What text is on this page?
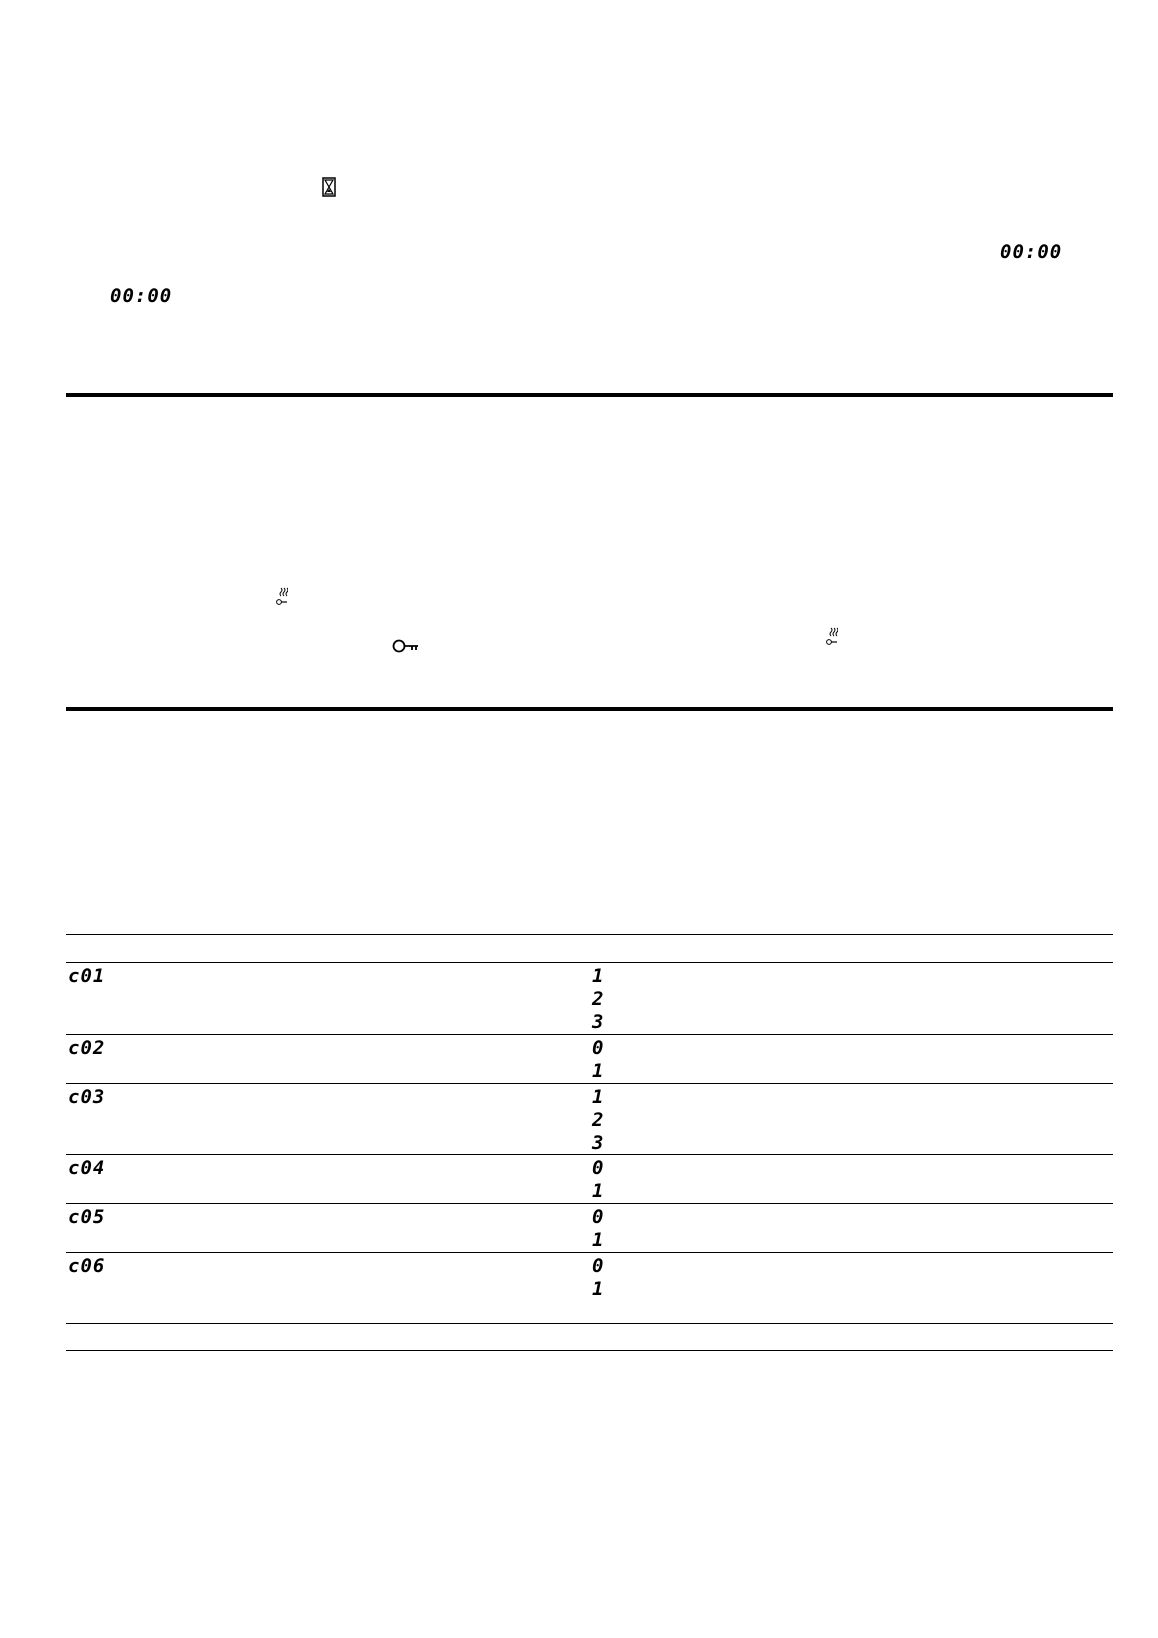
00:00
00:00
c01	1
2
3
c02	0
1
c03	1
2
3
c04	0
1
c05	0
1
c06	0
1
